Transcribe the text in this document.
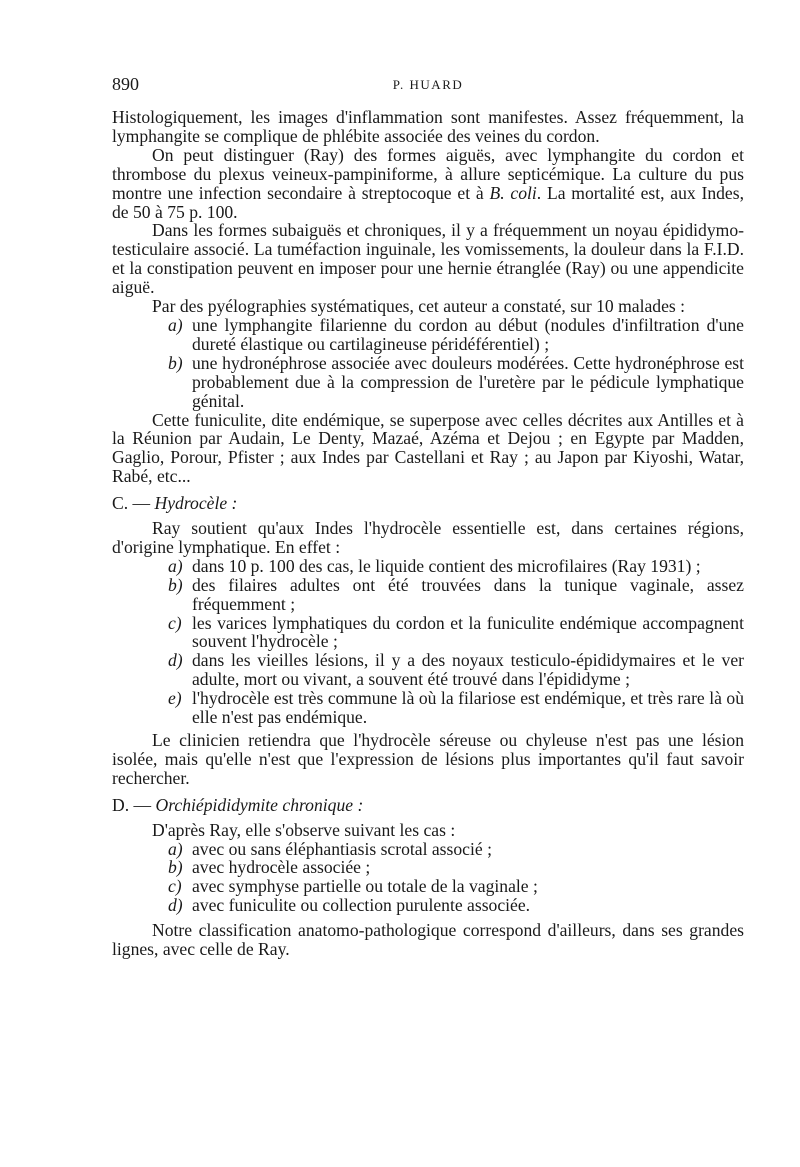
890	P. HUARD

Histologiquement, les images d'inflammation sont manifestes. Assez fréquemment, la lymphangite se complique de phlébite associée des veines du cordon.

On peut distinguer (Ray) des formes aiguës, avec lymphangite du cordon et thrombose du plexus veineux-pampiniforme, à allure septicémique. La culture du pus montre une infection secondaire à streptocoque et à B. coli. La mortalité est, aux Indes, de 50 à 75 p. 100.

Dans les formes subaiguës et chroniques, il y a fréquemment un noyau épididymo-testiculaire associé. La tuméfaction inguinale, les vomissements, la douleur dans la F.I.D. et la constipation peuvent en imposer pour une hernie étranglée (Ray) ou une appendicite aiguë.

Par des pyélographies systématiques, cet auteur a constaté, sur 10 malades :

a) une lymphangite filarienne du cordon au début (nodules d'infiltration d'une dureté élastique ou cartilagineuse péridéférentiel) ;

b) une hydronéphrose associée avec douleurs modérées. Cette hydronéphrose est probablement due à la compression de l'uretère par le pédicule lymphatique génital.

Cette funiculite, dite endémique, se superpose avec celles décrites aux Antilles et à la Réunion par Audain, Le Denty, Mazaé, Azéma et Dejou ; en Egypte par Madden, Gaglio, Porour, Pfister ; aux Indes par Castellani et Ray ; au Japon par Kiyoshi, Watar, Rabé, etc...

C. — Hydrocèle :

Ray soutient qu'aux Indes l'hydrocèle essentielle est, dans certaines régions, d'origine lymphatique. En effet :

a) dans 10 p. 100 des cas, le liquide contient des microfilaires (Ray 1931) ;

b) des filaires adultes ont été trouvées dans la tunique vaginale, assez fréquemment ;

c) les varices lymphatiques du cordon et la funiculite endémique accompagnent souvent l'hydrocèle ;

d) dans les vieilles lésions, il y a des noyaux testiculo-épididymaires et le ver adulte, mort ou vivant, a souvent été trouvé dans l'épididyme ;

e) l'hydrocèle est très commune là où la filariose est endémique, et très rare là où elle n'est pas endémique.

Le clinicien retiendra que l'hydrocèle séreuse ou chyleuse n'est pas une lésion isolée, mais qu'elle n'est que l'expression de lésions plus importantes qu'il faut savoir rechercher.

D. — Orchiépididymite chronique :

D'après Ray, elle s'observe suivant les cas :

a) avec ou sans éléphantiasis scrotal associé ;

b) avec hydrocèle associée ;

c) avec symphyse partielle ou totale de la vaginale ;

d) avec funiculite ou collection purulente associée.

Notre classification anatomo-pathologique correspond d'ailleurs, dans ses grandes lignes, avec celle de Ray.
